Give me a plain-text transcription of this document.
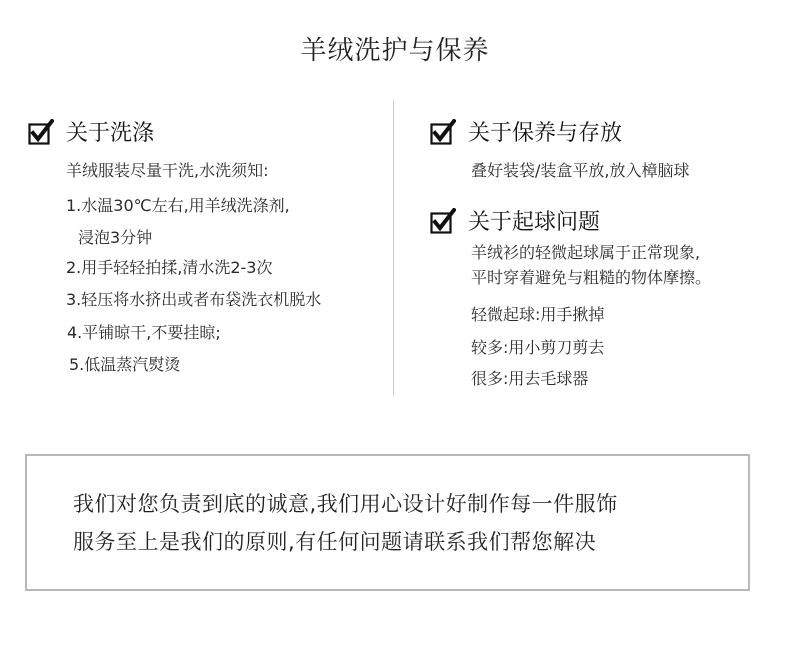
羊绒洗护与保养
关于洗涤
羊绒服装尽量干洗,水洗须知:
1.水温30℃左右,用羊绒洗涤剂,
浸泡3分钟
2.用手轻轻拍揉,清水洗2-3次
3.轻压将水挤出或者布袋洗衣机脱水
4.平铺晾干,不要挂晾;
5.低温蒸汽熨烫
关于保养与存放
叠好装袋/装盒平放,放入樟脑球
关于起球问题
羊绒衫的轻微起球属于正常现象,
平时穿着避免与粗糙的物体摩擦。
轻微起球:用手揪掉
较多:用小剪刀剪去
很多:用去毛球器
我们对您负责到底的诚意,我们用心设计好制作每一件服饰
服务至上是我们的原则,有任何问题请联系我们帮您解决
